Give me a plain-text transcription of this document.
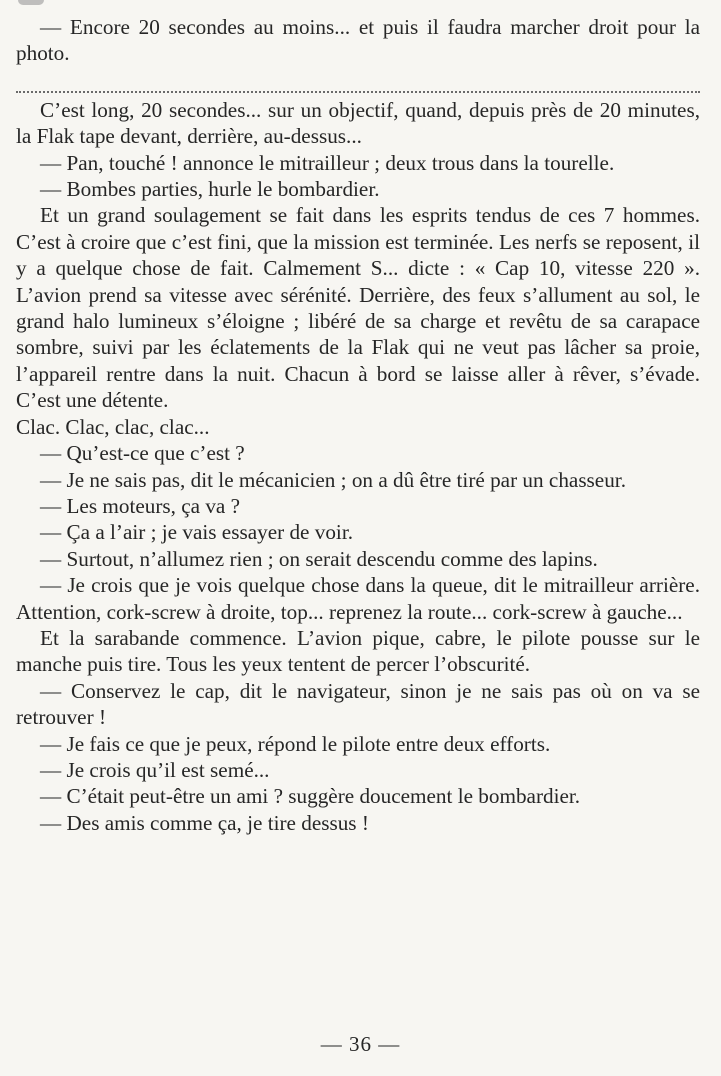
— Encore 20 secondes au moins... et puis il faudra marcher droit pour la photo.

C’est long, 20 secondes... sur un objectif, quand, depuis près de 20 minutes, la Flak tape devant, derrière, au-dessus...

— Pan, touché ! annonce le mitrailleur ; deux trous dans la tourelle.

— Bombes parties, hurle le bombardier.

Et un grand soulagement se fait dans les esprits tendus de ces 7 hommes. C’est à croire que c’est fini, que la mission est terminée. Les nerfs se reposent, il y a quelque chose de fait. Calmement S... dicte : « Cap 10, vitesse 220 ». L’avion prend sa vitesse avec sérénité. Derrière, des feux s’allument au sol, le grand halo lumineux s’éloigne ; libéré de sa charge et revêtu de sa carapace sombre, suivi par les éclatements de la Flak qui ne veut pas lâcher sa proie, l’appareil rentre dans la nuit. Chacun à bord se laisse aller à rêver, s’évade. C’est une détente.

Clac. Clac, clac, clac...

— Qu’est-ce que c’est ?

— Je ne sais pas, dit le mécanicien ; on a dû être tiré par un chasseur.

— Les moteurs, ça va ?

— Ça a l’air ; je vais essayer de voir.

— Surtout, n’allumez rien ; on serait descendu comme des lapins.

— Je crois que je vois quelque chose dans la queue, dit le mitrailleur arrière. Attention, cork-screw à droite, top... reprenez la route... cork-screw à gauche...

Et la sarabande commence. L’avion pique, cabre, le pilote pousse sur le manche puis tire. Tous les yeux tentent de percer l’obscurité.

— Conservez le cap, dit le navigateur, sinon je ne sais pas où on va se retrouver !

— Je fais ce que je peux, répond le pilote entre deux efforts.

— Je crois qu’il est semé...

— C’était peut-être un ami ? suggère doucement le bombardier.

— Des amis comme ça, je tire dessus !

— 36 —
